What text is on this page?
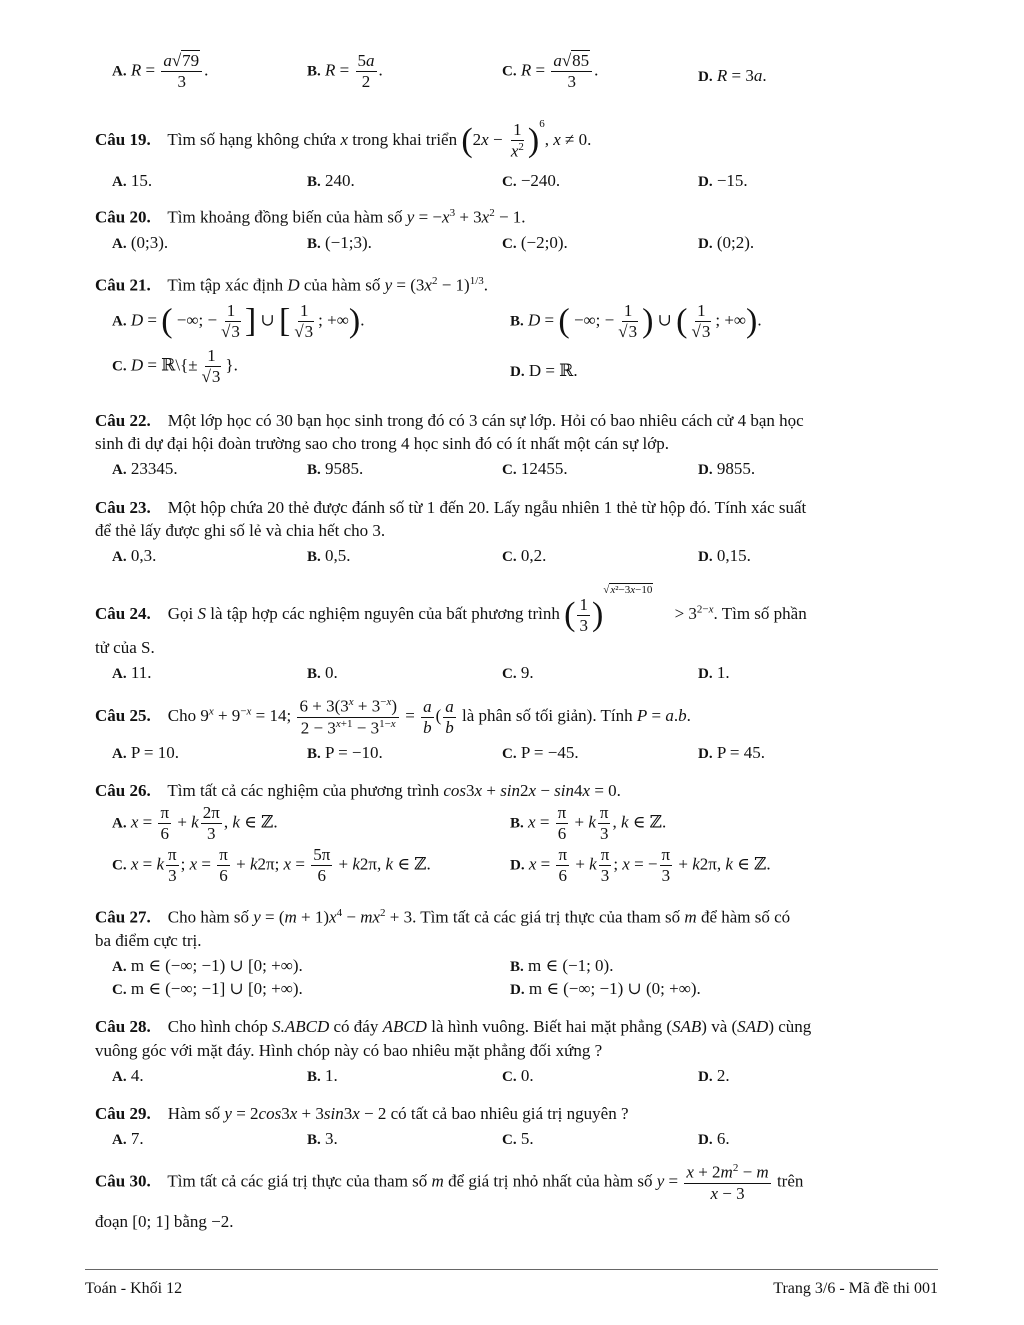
A. $R = \frac{a√79}{3}$ .	B. $R = \frac{5a}{2}$ .	C. $R = \frac{a√85}{3}$ .	D. R = 3a.
Câu 19.    Tìm số hạng không chứa x trong khai triển $(2x - \frac{1}{x^2} )^6$, x ≠ 0.
A. 15.	B. 240.	C. −240.	D. −15.
Câu 20.    Tìm khoảng đồng biến của hàm số $y = -x^3 + 3x^2 - 1$.
A. (0;3).	B. (−1;3).	C. (−2;0).	D. (0;2).
Câu 21.    Tìm tập xác định D của hàm số $y = (3x^2 - 1)^{1/3}$.
A. D = ( −∞; − $\frac{1}{√3}$ ] ∪ [ $\frac{1}{√3}$ ; +∞).	B. D = ( −∞; − $\frac{1}{√3}$ ) ∪ ( $\frac{1}{√3}$ ; +∞).
C. D = ℝ\{± $\frac{1}{√3}$ }.	D. D = ℝ.
Câu 22. Một lớp học có 30 bạn học sinh trong đó có 3 cán sự lớp. Hỏi có bao nhiêu cách cử 4 bạn học
sinh đi dự đại hội đoàn trường sao cho trong 4 học sinh đó có ít nhất một cán sự lớp.
A. 23345.	B. 9585.	C. 12455.	D. 9855.
Câu 23. Một hộp chứa 20 thẻ được đánh số từ 1 đến 20. Lấy ngẫu nhiên 1 thẻ từ hộp đó. Tính xác suất
để thẻ lấy được ghi số lẻ và chia hết cho 3.
A. 0,3.	B. 0,5.	C. 0,2.	D. 0,15.
Câu 24.    Gọi S là tập hợp các nghiệm nguyên của bất phương trình ( $\frac{1}{3} )^{√x^2-3x-10}$     > $3^{2-x}$. Tìm số phần
tử của S.
A. 11.	B. 0.	C. 9.	D. 1.
Câu 25.    Cho $9^x + 9^{-x} = 14$; $\frac{6 + 3(3^x + 3^{-x})}{2 - 3^{x+1} - 3^{1-x}} = \frac{a}{b}$ ( $\frac{a}{b}$ là phân số tối giản). Tính P = a.b.
A. P = 10.	B. P = −10.	C. P = −45.	D. P = 45.
Câu 26.    Tìm tất cả các nghiệm của phương trình cos3x + sin2x − sin4x = 0.
A. $x = \frac{\pi}{6} + k \frac{2\pi}{3}$ , k ∈ ℤ.	B. $x = \frac{\pi}{6} + k \frac{\pi}{3}$ , k ∈ ℤ.
C. x = k $\frac{\pi}{3}$ ; $x = \frac{\pi}{6} + k2\pi$; $x = \frac{5\pi}{6} + k2\pi$, k ∈ ℤ.	D. $x = \frac{\pi}{6} + k \frac{\pi}{3}$ ; x = − $\frac{\pi}{3} + k2\pi$, k ∈ ℤ.
Câu 27.    Cho hàm số $y = (m + 1)x^4 - mx^2 + 3$. Tìm tất cả các giá trị thực của tham số m để hàm số có
ba điểm cực trị.
A. m ∈ (−∞; −1) ∪ [0; +∞).	B. m ∈ (−1; 0).
C. m ∈ (−∞; −1] ∪ [0; +∞).	D. m ∈ (−∞; −1) ∪ (0; +∞).
Câu 28.    Cho hình chóp S.ABCD có đáy ABCD là hình vuông. Biết hai mặt phẳng (SAB) và (SAD) cùng
vuông góc với mặt đáy. Hình chóp này có bao nhiêu mặt phẳng đối xứng ?
A. 4.	B. 1.	C. 0.	D. 2.
Câu 29.    Hàm số y = 2cos3x + 3sin3x − 2 có tất cả bao nhiêu giá trị nguyên ?
A. 7.	B. 3.	C. 5.	D. 6.
Câu 30.    Tìm tất cả các giá trị thực của tham số m để giá trị nhỏ nhất của hàm số $y = \frac{x + 2m^2 - m}{x - 3}$ trên
đoạn [0; 1] bằng −2.
Toán - Khối 12	Trang 3/6 - Mã đề thi 001
